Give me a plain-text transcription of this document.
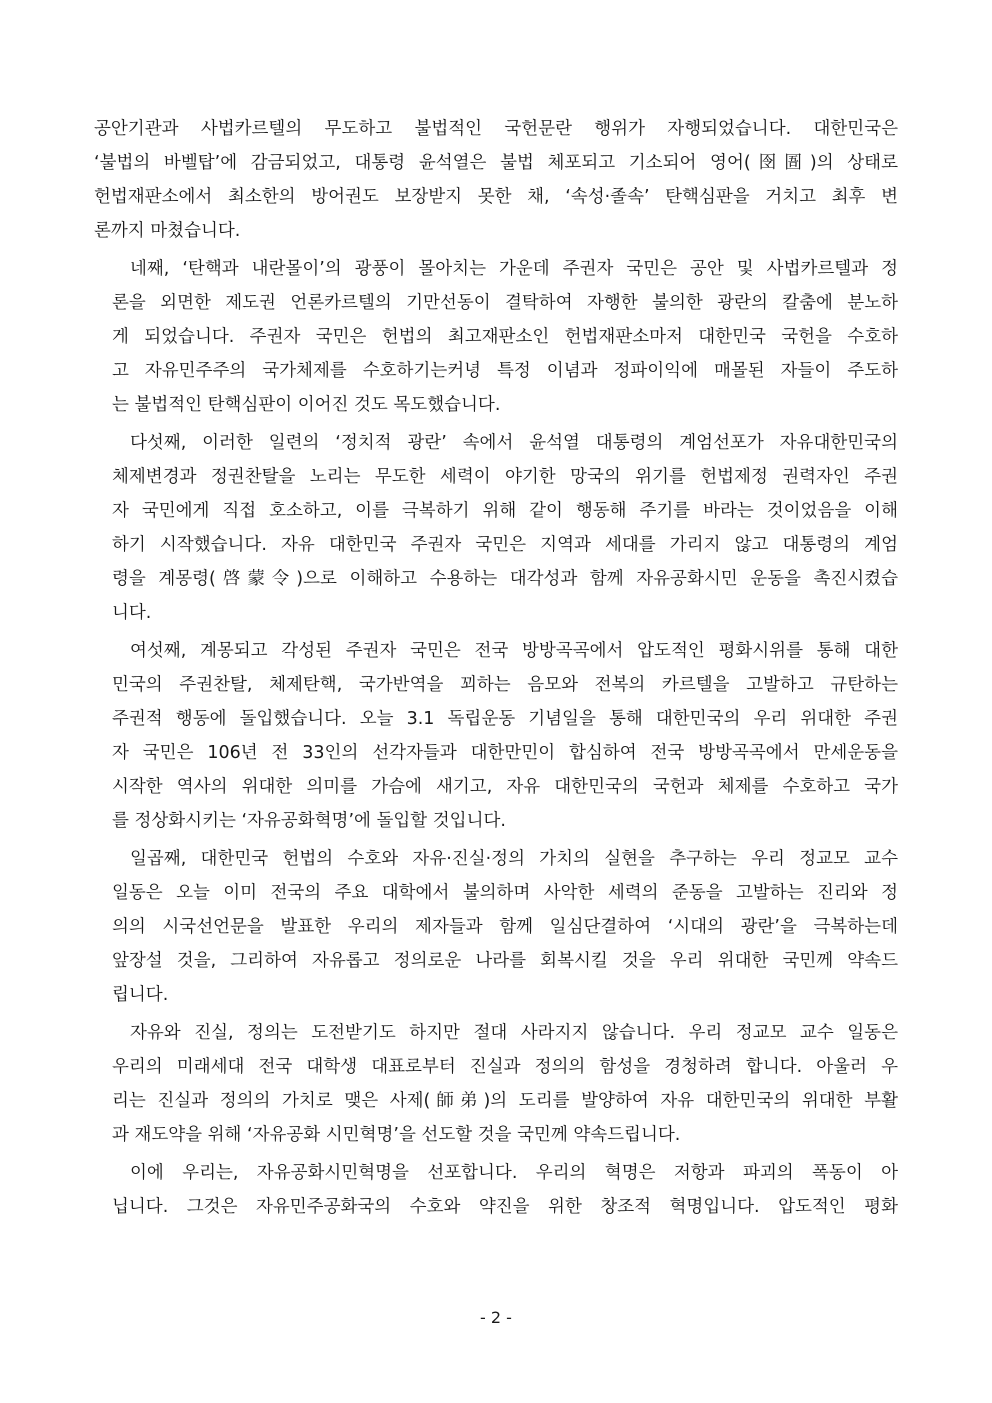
공안기관과 사법카르텔의 무도하고 불법적인 국헌문란 행위가 자행되었습니다. 대한민국은
‘불법의 바벨탑’에 감금되었고, 대통령 윤석열은 불법 체포되고 기소되어 영어(囹圄)의 상태로
헌법재판소에서 최소한의 방어권도 보장받지 못한 채, ‘속성·졸속’ 탄핵심판을 거치고 최후 변
론까지 마쳤습니다.
네째, ‘탄핵과 내란몰이’의 광풍이 몰아치는 가운데 주권자 국민은 공안 및 사법카르텔과 정
론을 외면한 제도권 언론카르텔의 기만선동이 결탁하여 자행한 불의한 광란의 칼춤에 분노하
게 되었습니다. 주권자 국민은 헌법의 최고재판소인 헌법재판소마저 대한민국 국헌을 수호하
고 자유민주주의 국가체제를 수호하기는커녕 특정 이념과 정파이익에 매몰된 자들이 주도하
는 불법적인 탄핵심판이 이어진 것도 목도했습니다.
다섯째, 이러한 일련의 ‘정치적 광란’ 속에서 윤석열 대통령의 계엄선포가 자유대한민국의
체제변경과 정권찬탈을 노리는 무도한 세력이 야기한 망국의 위기를 헌법제정 권력자인 주권
자 국민에게 직접 호소하고, 이를 극복하기 위해 같이 행동해 주기를 바라는 것이었음을 이해
하기 시작했습니다. 자유 대한민국 주권자 국민은 지역과 세대를 가리지 않고 대통령의 계엄
령을 계몽령(啓蒙令)으로 이해하고 수용하는 대각성과 함께 자유공화시민 운동을 촉진시켰습
니다.
여섯째, 계몽되고 각성된 주권자 국민은 전국 방방곡곡에서 압도적인 평화시위를 통해 대한
민국의 주권찬탈, 체제탄핵, 국가반역을 꾀하는 음모와 전복의 카르텔을 고발하고 규탄하는
주권적 행동에 돌입했습니다. 오늘 3.1 독립운동 기념일을 통해 대한민국의 우리 위대한 주권
자 국민은 106년 전 33인의 선각자들과 대한만민이 합심하여 전국 방방곡곡에서 만세운동을
시작한 역사의 위대한 의미를 가슴에 새기고, 자유 대한민국의 국헌과 체제를 수호하고 국가
를 정상화시키는 ‘자유공화혁명’에 돌입할 것입니다.
일곱째, 대한민국 헌법의 수호와 자유·진실·정의 가치의 실현을 추구하는 우리 정교모 교수
일동은 오늘 이미 전국의 주요 대학에서 불의하며 사악한 세력의 준동을 고발하는 진리와 정
의의 시국선언문을 발표한 우리의 제자들과 함께 일심단결하여 ‘시대의 광란’을 극복하는데
앞장설 것을, 그리하여 자유롭고 정의로운 나라를 회복시킬 것을 우리 위대한 국민께 약속드
립니다.
자유와 진실, 정의는 도전받기도 하지만 절대 사라지지 않습니다. 우리 정교모 교수 일동은
우리의 미래세대 전국 대학생 대표로부터 진실과 정의의 함성을 경청하려 합니다. 아울러 우
리는 진실과 정의의 가치로 맺은 사제(師弟)의 도리를 발양하여 자유 대한민국의 위대한 부활
과 재도약을 위해 ‘자유공화 시민혁명’을 선도할 것을 국민께 약속드립니다.
이에 우리는, 자유공화시민혁명을 선포합니다. 우리의 혁명은 저항과 파괴의 폭동이 아
닙니다. 그것은 자유민주공화국의 수호와 약진을 위한 창조적 혁명입니다. 압도적인 평화
- 2 -
